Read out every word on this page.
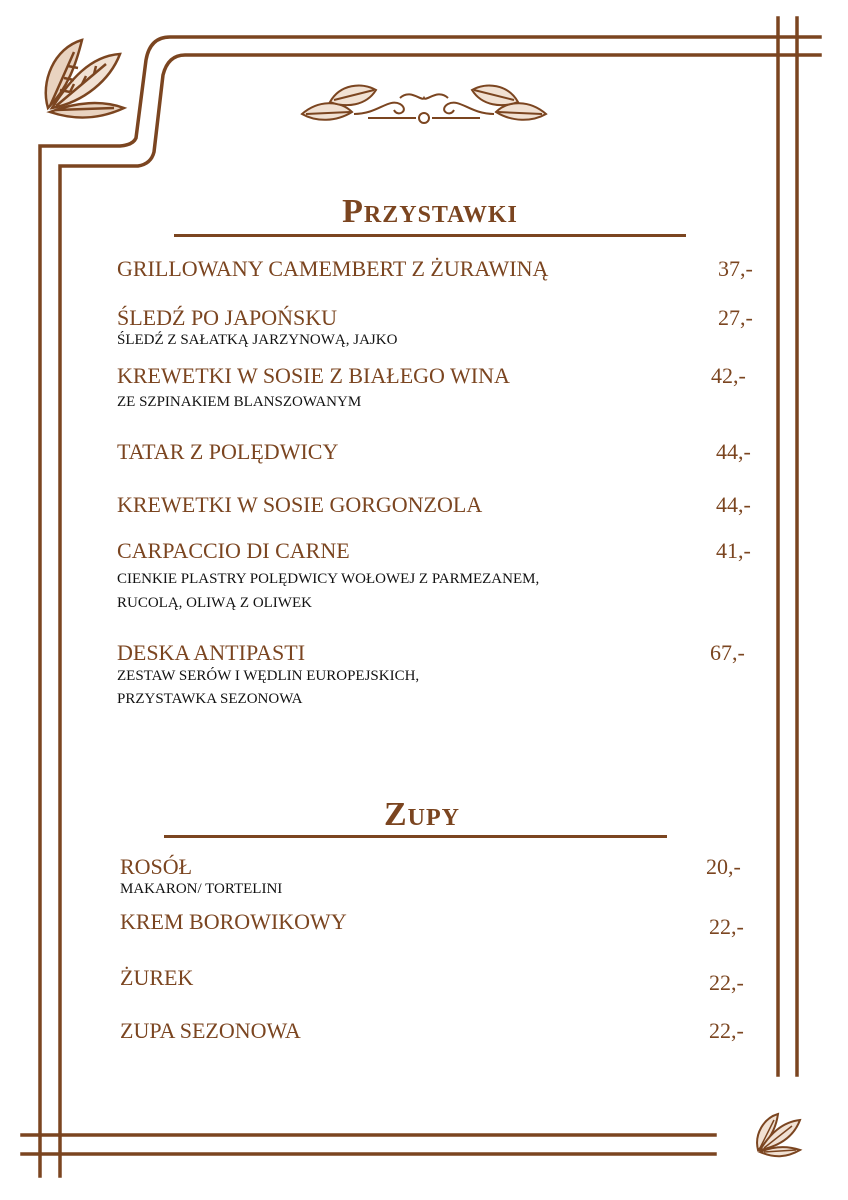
Przystawki
GRILLOWANY CAMEMBERT Z ŻURAWINĄ	37,-
ŚLEDŹ PO JAPOŃSKU	27,-
ŚLEDŹ Z SAŁATKĄ JARZYNOWĄ, JAJKO
KREWETKI W SOSIE Z BIAŁEGO WINA	42,-
ZE SZPINAKIEM BLANSZOWANYM
TATAR Z POLĘDWICY	44,-
KREWETKI W SOSIE GORGONZOLA	44,-
CARPACCIO DI CARNE	41,-
CIENKIE PLASTRY POLĘDWICY WOŁOWEJ Z PARMEZANEM,
RUCOLĄ, OLIWĄ Z OLIWEK
DESKA ANTIPASTI	67,-
ZESTAW SERÓW I WĘDLIN EUROPEJSKICH,
PRZYSTAWKA SEZONOWA
Zupy
ROSÓŁ	20,-
MAKARON/ TORTELINI
KREM BOROWIKOWY	22,-
ŻUREK	22,-
ZUPA SEZONOWA	22,-
